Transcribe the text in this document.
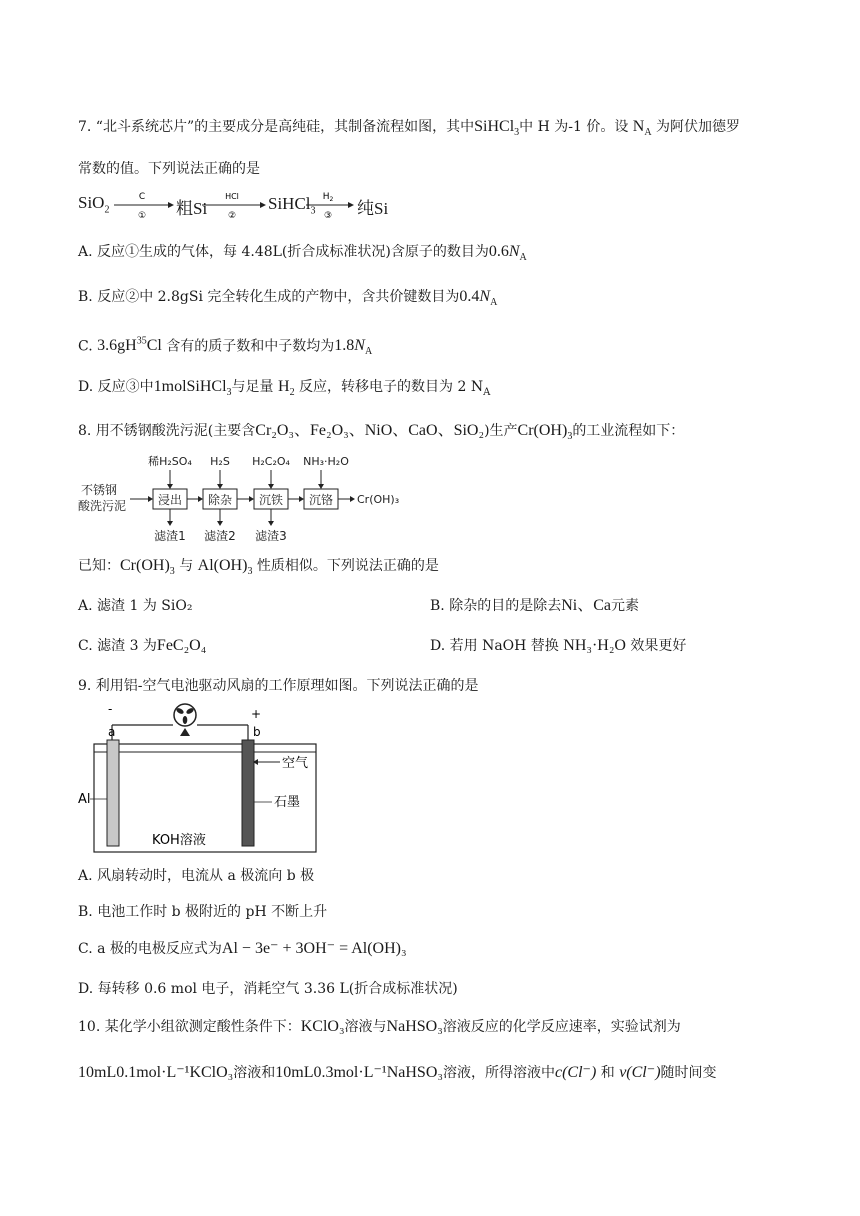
7. “北斗系统芯片”的主要成分是高纯硅，其制备流程如图，其中SiHCl$_3$中 H 为-1 价。设 $N_A$ 为阿伏加德罗
常数的值。下列说法正确的是
SiO$_2$
C
①
HCl
②
$H_2$
③
粗Si	SiHCl$_3$ 纯Si
A. 反应①生成的气体，每 4.48L(折合成标准状况)含原子的数目为$0.6N_A$
B. 反应②中 2.8gSi 完全转化生成的产物中，含共价键数目为$0.4N_A$
C. $3.6gH^{35}Cl$ 含有的质子数和中子数均为$1.8N_A$
D. 反应③中1molSiHCl$_3$与足量 $H_2$ 反应，转移电子的数目为 2 $N_A$
8. 用不锈钢酸洗污泥(主要含Cr₂O₃、Fe₂O₃、NiO、CaO、SiO₂)生产$Cr(OH)_3$的工业流程如下：
不锈钢
酸洗污泥	浸出 除杂 沉铁 沉铬 Cr(OH)₃
稀H₂SO₄ H₂S H₂C₂O₄ NH₃·H₂O
滤渣1 滤渣2 滤渣3
已知：$Cr(OH)_3$ 与 $Al(OH)_3$ 性质相似。下列说法正确的是
A. 滤渣 1 为 SiO₂	B. 除杂的目的是除去Ni、Ca元素
C. 滤渣 3 为FeC₂O₄	D. 若用 NaOH 替换 NH₃·H₂O 效果更好
9. 利用铝-空气电池驱动风扇的工作原理如图。下列说法正确的是
-
a
+
b
空气
Al	石墨
KOH溶液
A. 风扇转动时，电流从 a 极流向 b 极
B. 电池工作时 b 极附近的 pH 不断上升
C. a 极的电极反应式为Al − 3e⁻ + 3OH⁻ = Al(OH)₃
D. 每转移 0.6 mol 电子，消耗空气 3.36 L(折合成标准状况)
10. 某化学小组欲测定酸性条件下：KClO₃溶液与NaHSO₃溶液反应的化学反应速率，实验试剂为
10mL0.1mol·L⁻¹KClO₃溶液和10mL0.3mol·L⁻¹NaHSO₃溶液，所得溶液中c(Cl⁻) 和 v(Cl⁻)随时间变
